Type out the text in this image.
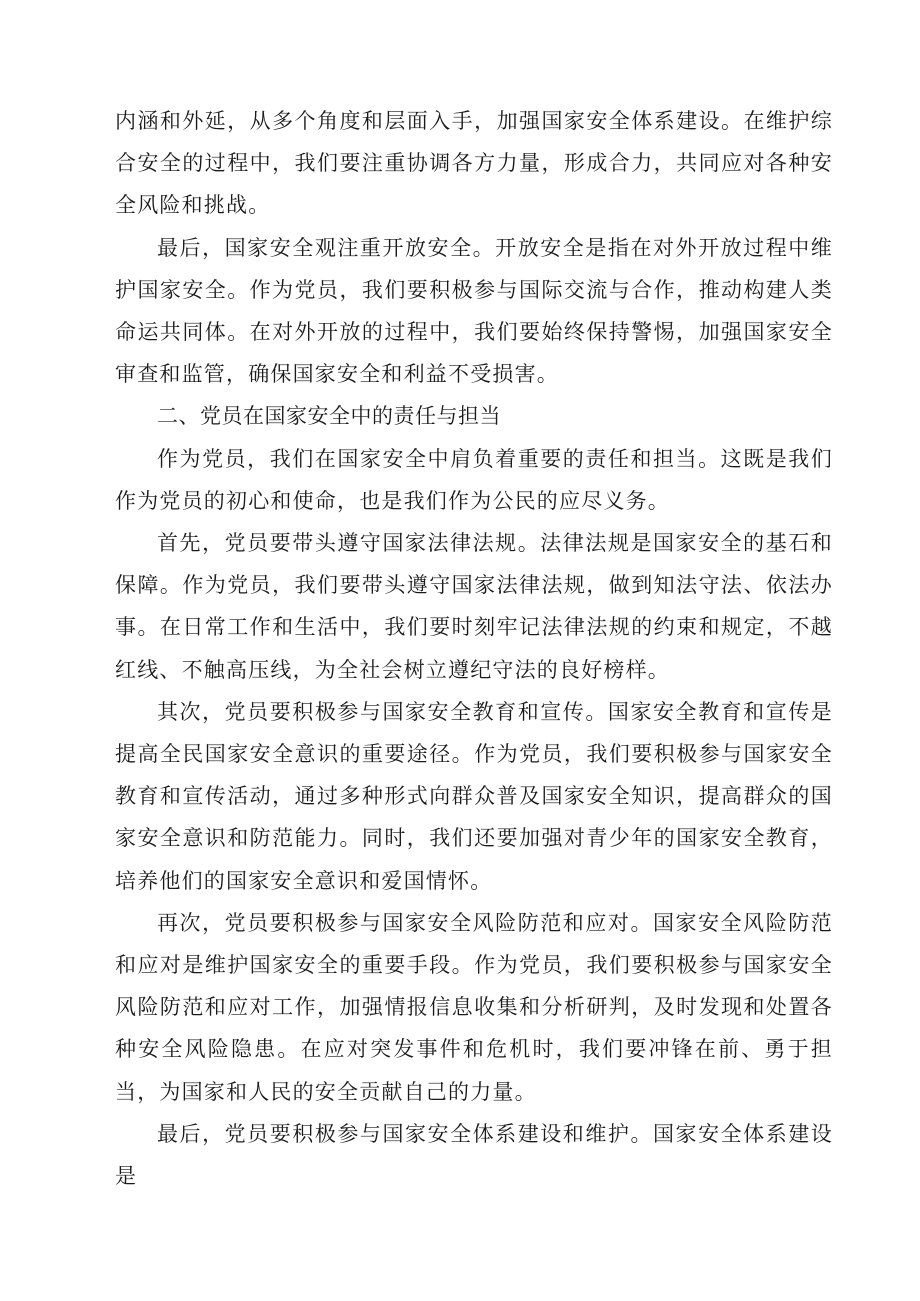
内涵和外延，从多个角度和层面入手，加强国家安全体系建设。在维护综合安全的过程中，我们要注重协调各方力量，形成合力，共同应对各种安全风险和挑战。

最后，国家安全观注重开放安全。开放安全是指在对外开放过程中维护国家安全。作为党员，我们要积极参与国际交流与合作，推动构建人类命运共同体。在对外开放的过程中，我们要始终保持警惕，加强国家安全审查和监管，确保国家安全和利益不受损害。

二、党员在国家安全中的责任与担当

作为党员，我们在国家安全中肩负着重要的责任和担当。这既是我们作为党员的初心和使命，也是我们作为公民的应尽义务。

首先，党员要带头遵守国家法律法规。法律法规是国家安全的基石和保障。作为党员，我们要带头遵守国家法律法规，做到知法守法、依法办事。在日常工作和生活中，我们要时刻牢记法律法规的约束和规定，不越红线、不触高压线，为全社会树立遵纪守法的良好榜样。

其次，党员要积极参与国家安全教育和宣传。国家安全教育和宣传是提高全民国家安全意识的重要途径。作为党员，我们要积极参与国家安全教育和宣传活动，通过多种形式向群众普及国家安全知识，提高群众的国家安全意识和防范能力。同时，我们还要加强对青少年的国家安全教育，培养他们的国家安全意识和爱国情怀。

再次，党员要积极参与国家安全风险防范和应对。国家安全风险防范和应对是维护国家安全的重要手段。作为党员，我们要积极参与国家安全风险防范和应对工作，加强情报信息收集和分析研判，及时发现和处置各种安全风险隐患。在应对突发事件和危机时，我们要冲锋在前、勇于担当，为国家和人民的安全贡献自己的力量。

最后，党员要积极参与国家安全体系建设和维护。国家安全体系建设是
